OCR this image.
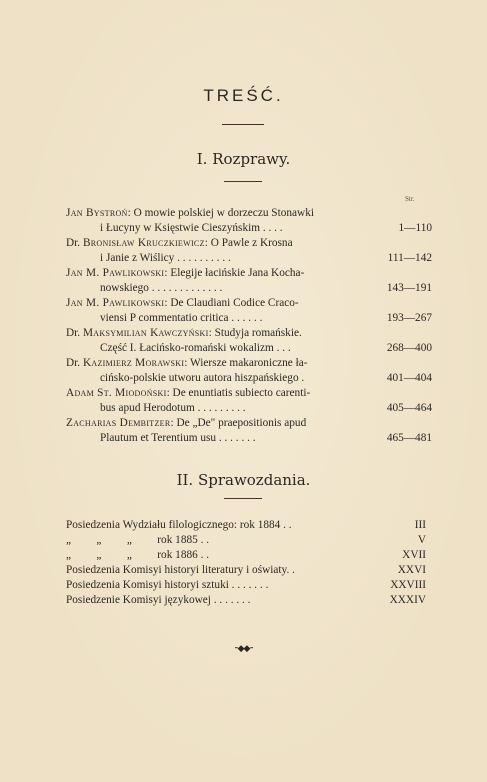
TREŚĆ.
I. Rozprawy.
Str.
Jan Bystroń: O mowie polskiej w dorzeczu Stonawki
i Łucyny w Księstwie Cieszyńskim . . . .	1—110
Dr. Bronisław Kruczkiewicz: O Pawle z Krosna
i Janie z Wiślicy . . . . . . . . . .	111—142
Jan M. Pawlikowski: Elegije łacińskie Jana Kocha-
nowskiego . . . . . . . . . . . . .	143—191
Jan M. Pawlikowski: De Claudiani Codice Craco-
viensi P commentatio critica . . . . . .	193—267
Dr. Maksymilian Kawczyński: Studyja romańskie.
Część I. Łacińsko-romański wokalizm . . .	268—400
Dr. Kazimierz Morawski: Wiersze makaroniczne ła-
cińsko-polskie utworu autora hiszpańskiego .	401—404
Adam St. Miodoński: De enuntiatis subiecto carenti-
bus apud Herodotum . . . . . . . . .	405—464
Zacharias Dembitzer: De „De" praepositionis apud
Plautum et Terentium usu . . . . . . .	465—481
II. Sprawozdania.
Posiedzenia Wydziału filologicznego: rok 1884 . .	III
„         „         „         rok 1885 . .	V
„         „         „         rok 1886 . .	XVII
Posiedzenia Komisyi historyi literatury i oświaty. .	XXVI
Posiedzenia Komisyi historyi sztuki . . . . . . .	XXVIII
Posiedzenie Komisyi językowej . . . . . . .	XXXIV
⁃◆◆⁃
